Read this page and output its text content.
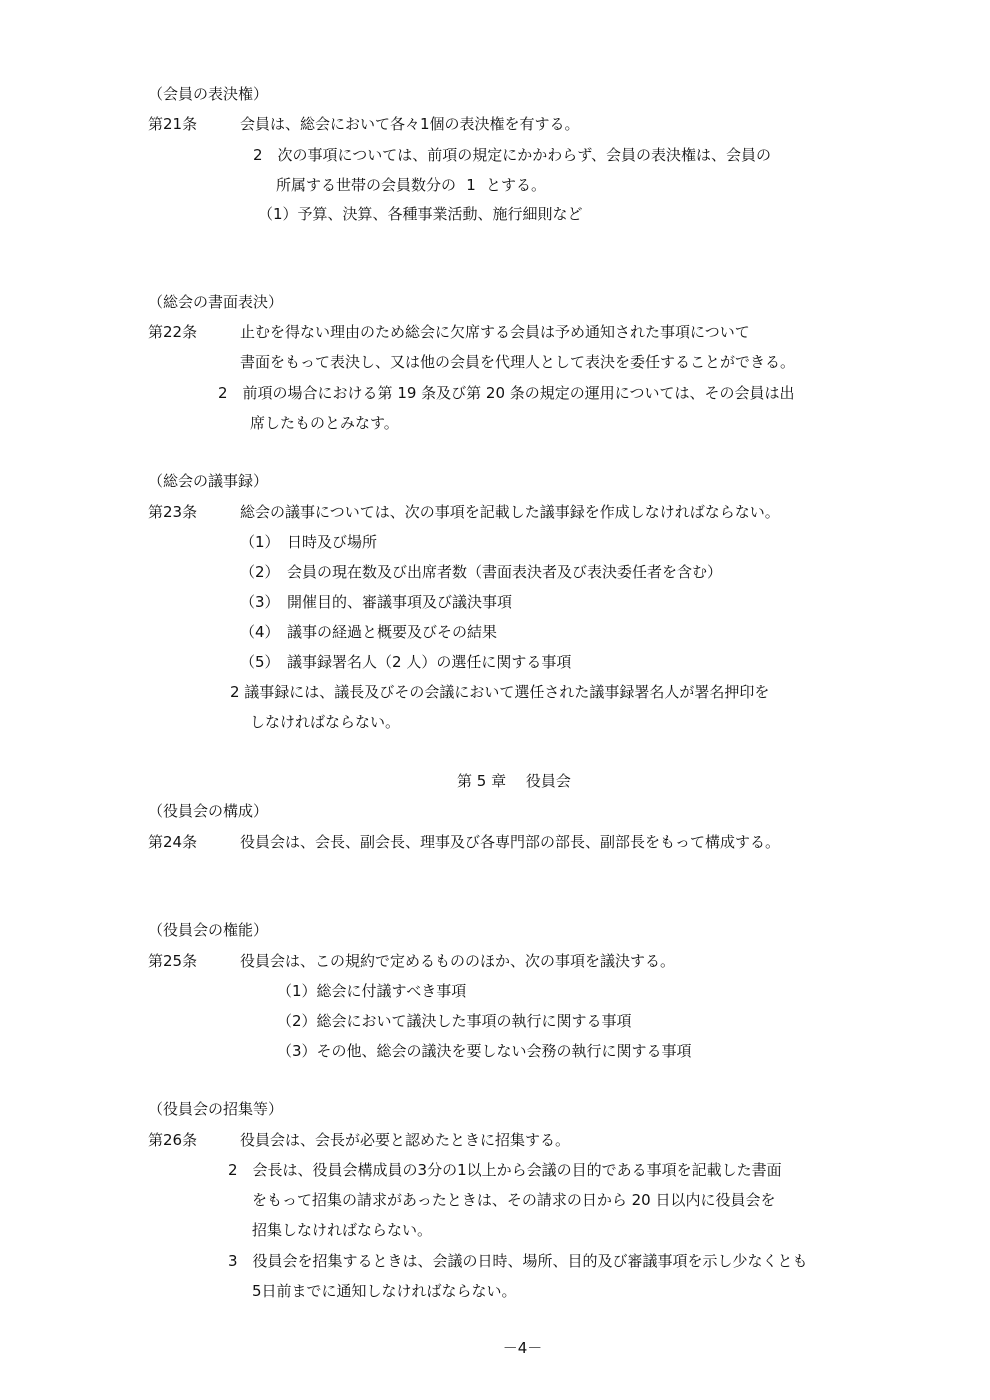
（会員の表決権）
第21条	会員は、総会において各々1個の表決権を有する。
2　次の事項については、前項の規定にかかわらず、会員の表決権は、会員の
所属する世帯の会員数分の 1 とする。
（1）予算、決算、各種事業活動、施行細則など
（総会の書面表決）
第22条	止むを得ない理由のため総会に欠席する会員は予め通知された事項について
書面をもって表決し、又は他の会員を代理人として表決を委任することができる。
2　前項の場合における第 19 条及び第 20 条の規定の運用については、その会員は出
席したものとみなす。
（総会の議事録）
第23条	総会の議事については、次の事項を記載した議事録を作成しなければならない。
（1）　日時及び場所
（2）　会員の現在数及び出席者数（書面表決者及び表決委任者を含む）
（3）　開催目的、審議事項及び議決事項
（4）　議事の経過と概要及びその結果
（5）　議事録署名人（2 人）の選任に関する事項
2 議事録には、議長及びその会議において選任された議事録署名人が署名押印を
しなければならない。
第 5 章　 役員会
（役員会の構成）
第24条	役員会は、会長、副会長、理事及び各専門部の部長、副部長をもって構成する。
（役員会の権能）
第25条	役員会は、この規約で定めるもののほか、次の事項を議決する。
（1）総会に付議すべき事項
（2）総会において議決した事項の執行に関する事項
（3）その他、総会の議決を要しない会務の執行に関する事項
（役員会の招集等）
第26条	役員会は、会長が必要と認めたときに招集する。
2　会長は、役員会構成員の3分の1以上から会議の目的である事項を記載した書面
をもって招集の請求があったときは、その請求の日から 20 日以内に役員会を
招集しなければならない。
3　役員会を招集するときは、会議の日時、場所、目的及び審議事項を示し少なくとも
5日前までに通知しなければならない。
－4－
